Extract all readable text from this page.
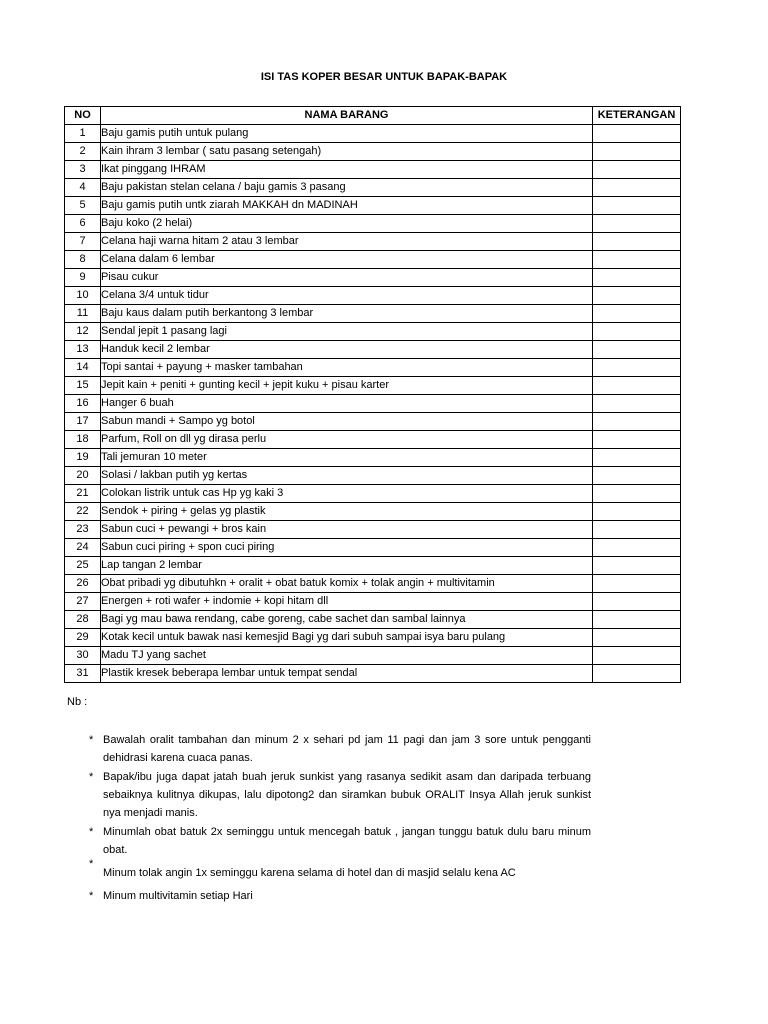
ISI TAS KOPER BESAR UNTUK BAPAK-BAPAK
NO	NAMA BARANG	KETERANGAN
1	Baju gamis putih untuk pulang	
2	Kain ihram 3 lembar ( satu pasang setengah)	
3	Ikat pinggang IHRAM	
4	Baju pakistan stelan celana / baju gamis 3 pasang	
5	Baju gamis putih untk ziarah MAKKAH dn MADINAH	
6	Baju koko (2 helai)	
7	Celana haji warna hitam 2 atau 3 lembar	
8	Celana dalam 6 lembar	
9	Pisau cukur	
10	Celana 3/4 untuk tidur	
11	Baju kaus dalam putih berkantong 3 lembar	
12	Sendal jepit 1 pasang lagi	
13	Handuk kecil 2 lembar	
14	Topi santai + payung + masker tambahan	
15	Jepit kain + peniti + gunting kecil + jepit kuku + pisau karter	
16	Hanger 6 buah	
17	Sabun mandi + Sampo yg botol	
18	Parfum, Roll on dll yg dirasa perlu	
19	Tali jemuran 10 meter	
20	Solasi / lakban putih yg kertas	
21	Colokan listrik untuk cas Hp yg kaki 3	
22	Sendok + piring + gelas yg plastik	
23	Sabun cuci + pewangi + bros kain	
24	Sabun cuci piring + spon cuci piring	
25	Lap tangan 2 lembar	
26	Obat pribadi yg dibutuhkn + oralit + obat batuk komix + tolak angin + multivitamin	
27	Energen + roti wafer + indomie + kopi hitam dll	
28	Bagi yg mau bawa rendang, cabe goreng, cabe sachet dan sambal lainnya	
29	Kotak kecil untuk bawak nasi kemesjid Bagi yg dari subuh sampai isya baru pulang	
30	Madu TJ yang sachet	
31	Plastik kresek beberapa lembar untuk tempat sendal	
Nb :
* Bawalah oralit tambahan dan minum 2 x sehari pd jam 11 pagi dan jam 3 sore untuk pengganti dehidrasi karena cuaca panas.
* Bapak/ibu juga dapat jatah buah jeruk sunkist yang rasanya sedikit asam dan daripada terbuang sebaiknya kulitnya dikupas, lalu dipotong2 dan siramkan bubuk ORALIT Insya Allah jeruk sunkist nya menjadi manis.
* Minumlah obat batuk 2x seminggu untuk mencegah batuk , jangan tunggu batuk dulu baru minum obat.
*
Minum tolak angin 1x seminggu karena selama di hotel dan di masjid selalu kena AC
* Minum multivitamin setiap Hari
